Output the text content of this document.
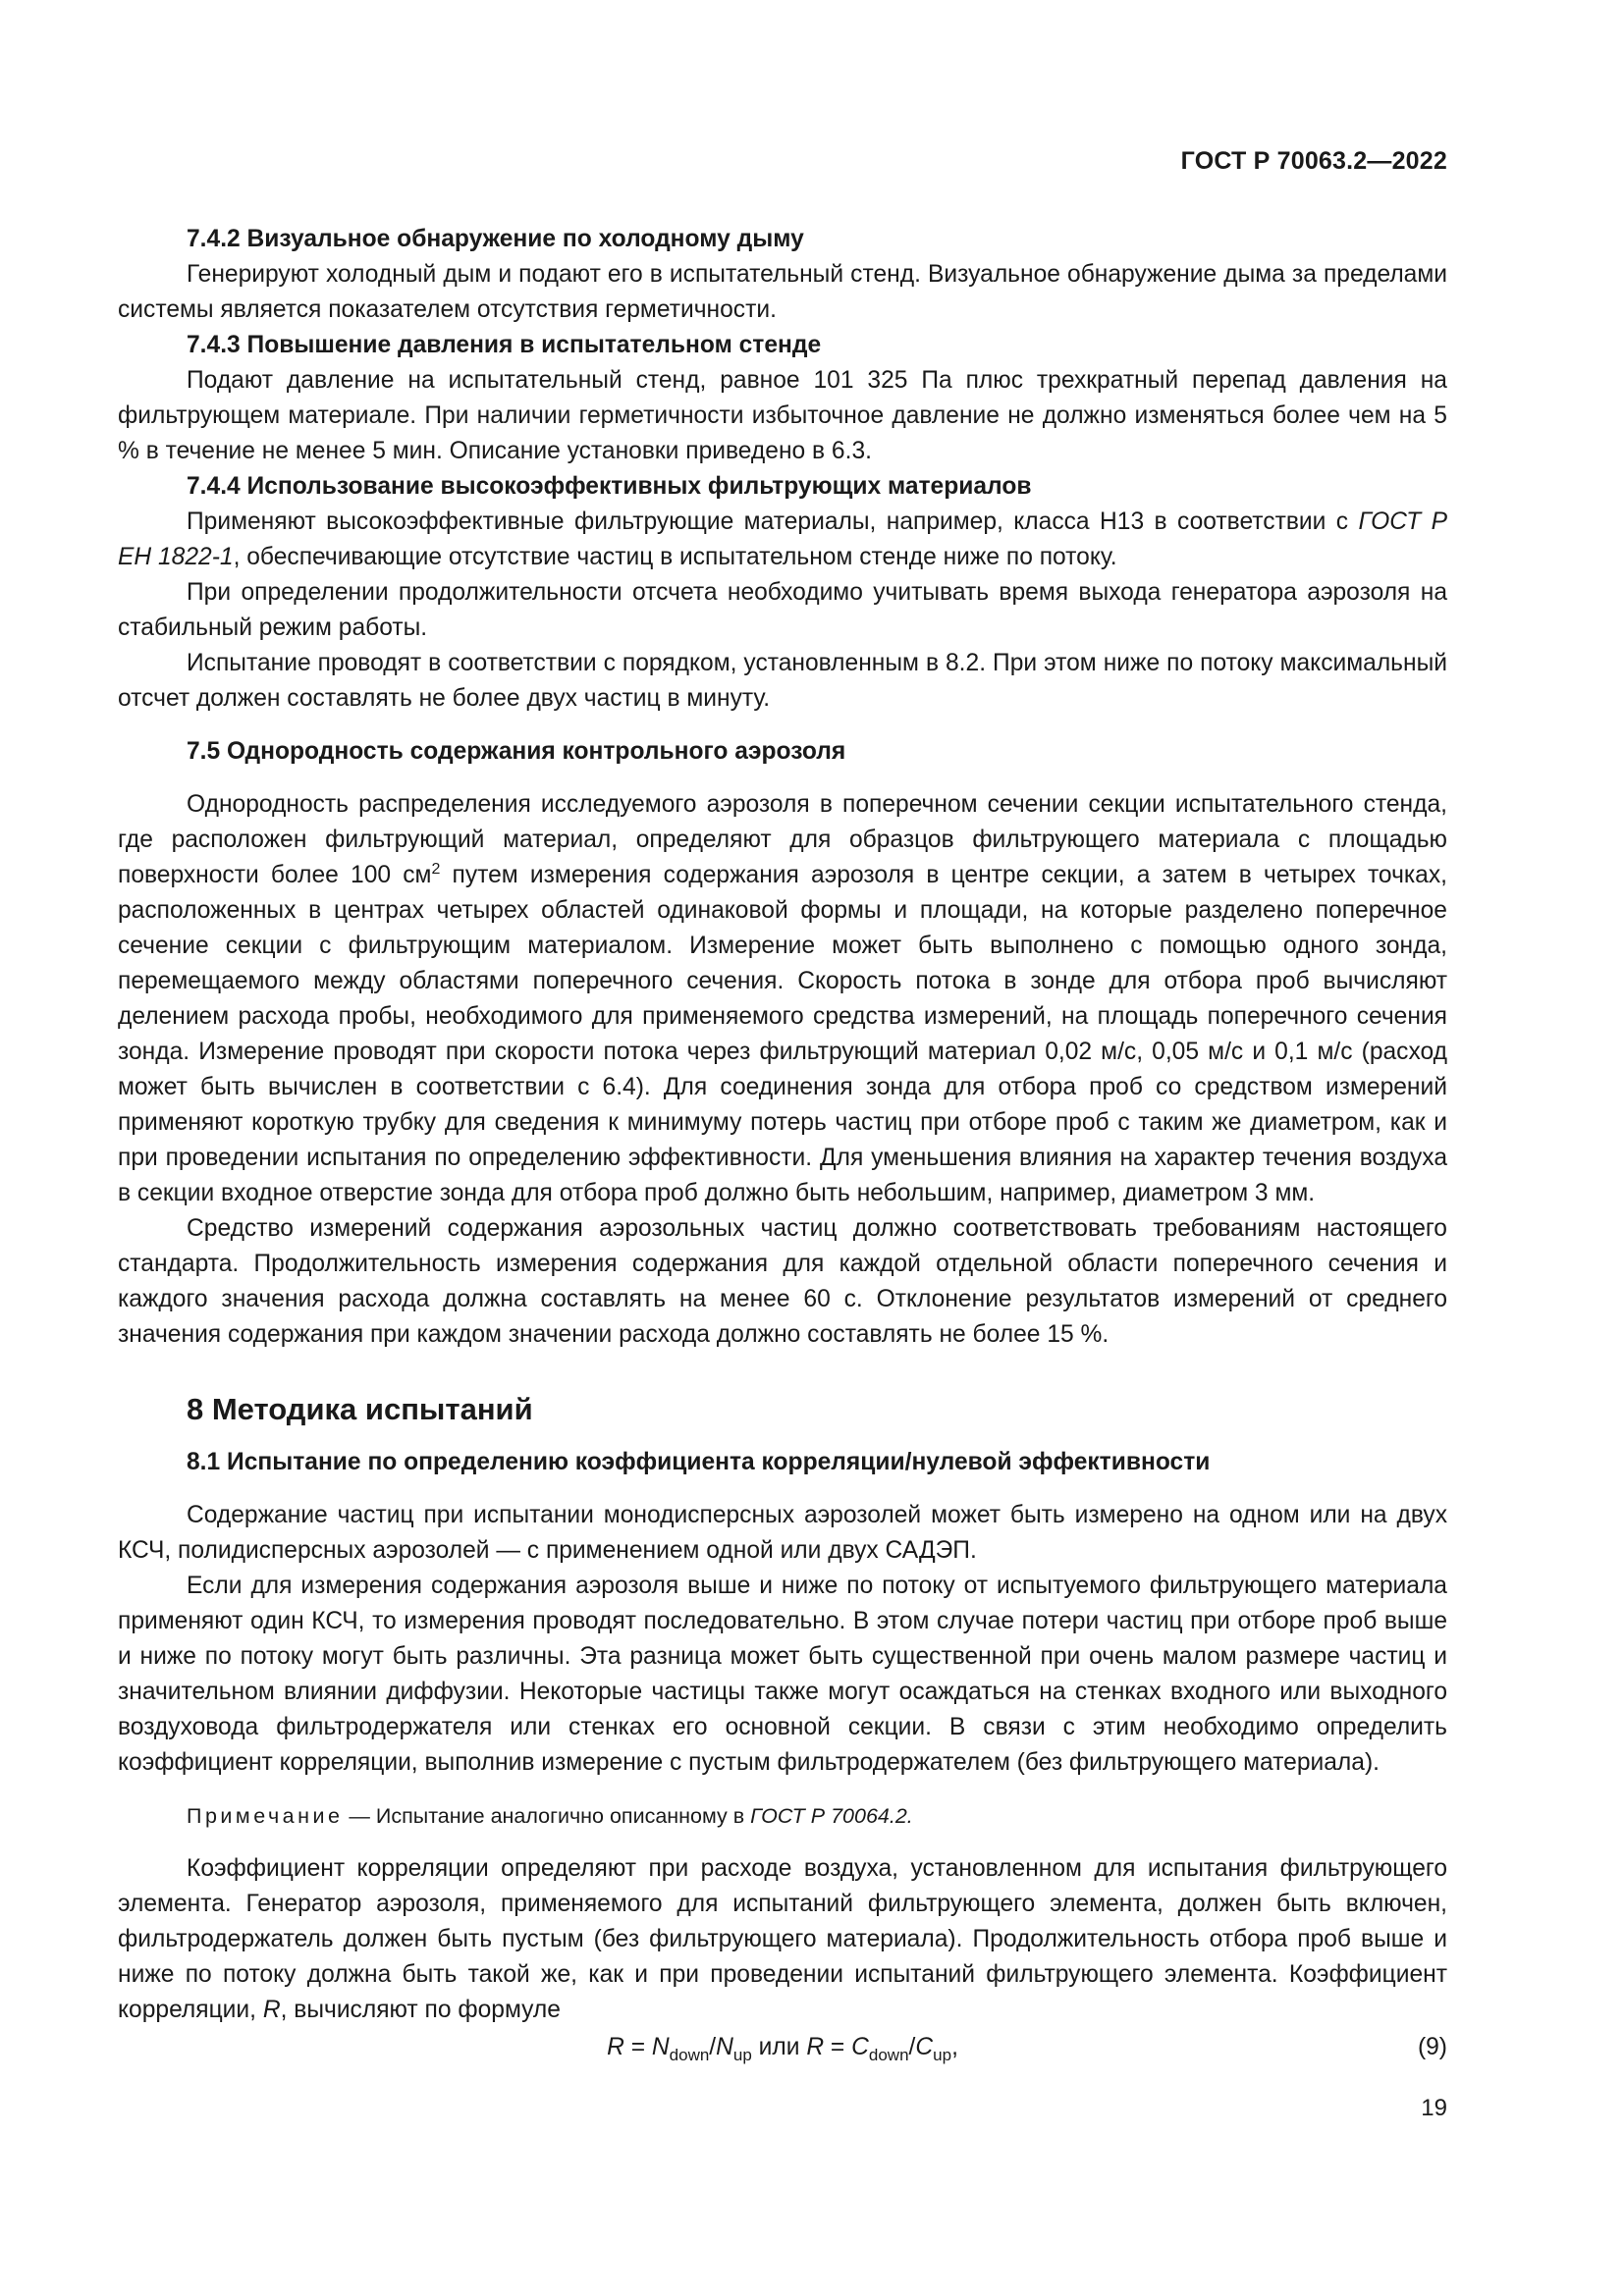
ГОСТ Р 70063.2—2022
7.4.2 Визуальное обнаружение по холодному дыму

Генерируют холодный дым и подают его в испытательный стенд. Визуальное обнаружение дыма за пределами системы является показателем отсутствия герметичности.

7.4.3 Повышение давления в испытательном стенде

Подают давление на испытательный стенд, равное 101 325 Па плюс трехкратный перепад давления на фильтрующем материале. При наличии герметичности избыточное давление не должно изменяться более чем на 5 % в течение не менее 5 мин. Описание установки приведено в 6.3.

7.4.4 Использование высокоэффективных фильтрующих материалов

Применяют высокоэффективные фильтрующие материалы, например, класса H13 в соответствии с ГОСТ Р ЕН 1822-1, обеспечивающие отсутствие частиц в испытательном стенде ниже по потоку.

При определении продолжительности отсчета необходимо учитывать время выхода генератора аэрозоля на стабильный режим работы.

Испытание проводят в соответствии с порядком, установленным в 8.2. При этом ниже по потоку максимальный отсчет должен составлять не более двух частиц в минуту.

7.5 Однородность содержания контрольного аэрозоля

Однородность распределения исследуемого аэрозоля в поперечном сечении секции испытательного стенда, где расположен фильтрующий материал, определяют для образцов фильтрующего материала с площадью поверхности более 100 $см^2$ путем измерения содержания аэрозоля в центре секции, а затем в четырех точках, расположенных в центрах четырех областей одинаковой формы и площади, на которые разделено поперечное сечение секции с фильтрующим материалом. Измерение может быть выполнено с помощью одного зонда, перемещаемого между областями поперечного сечения. Скорость потока в зонде для отбора проб вычисляют делением расхода пробы, необходимого для применяемого средства измерений, на площадь поперечного сечения зонда. Измерение проводят при скорости потока через фильтрующий материал 0,02 м/с, 0,05 м/с и 0,1 м/с (расход может быть вычислен в соответствии с 6.4). Для соединения зонда для отбора проб со средством измерений применяют короткую трубку для сведения к минимуму потерь частиц при отборе проб с таким же диаметром, как и при проведении испытания по определению эффективности. Для уменьшения влияния на характер течения воздуха в секции входное отверстие зонда для отбора проб должно быть небольшим, например, диаметром 3 мм.

Средство измерений содержания аэрозольных частиц должно соответствовать требованиям настоящего стандарта. Продолжительность измерения содержания для каждой отдельной области поперечного сечения и каждого значения расхода должна составлять на менее 60 с. Отклонение результатов измерений от среднего значения содержания при каждом значении расхода должно составлять не более 15 %.

8 Методика испытаний
8.1 Испытание по определению коэффициента корреляции/нулевой эффективности

Содержание частиц при испытании монодисперсных аэрозолей может быть измерено на одном или на двух КСЧ, полидисперсных аэрозолей — с применением одной или двух САДЭП.

Если для измерения содержания аэрозоля выше и ниже по потоку от испытуемого фильтрующего материала применяют один КСЧ, то измерения проводят последовательно. В этом случае потери частиц при отборе проб выше и ниже по потоку могут быть различны. Эта разница может быть существенной при очень малом размере частиц и значительном влиянии диффузии. Некоторые частицы также могут осаждаться на стенках входного или выходного воздуховода фильтродержателя или стенках его основной секции. В связи с этим необходимо определить коэффициент корреляции, выполнив измерение с пустым фильтродержателем (без фильтрующего материала).

Примечание — Испытание аналогично описанному в ГОСТ Р 70064.2.

Коэффициент корреляции определяют при расходе воздуха, установленном для испытания фильтрующего элемента. Генератор аэрозоля, применяемого для испытаний фильтрующего элемента, должен быть включен, фильтродержатель должен быть пустым (без фильтрующего материала). Продолжительность отбора проб выше и ниже по потоку должна быть такой же, как и при проведении испытаний фильтрующего элемента. Коэффициент корреляции, R, вычисляют по формуле

$R = N_{down}/N_{up}$ или $R = C_{down}/C_{up}$,	(9)
19
